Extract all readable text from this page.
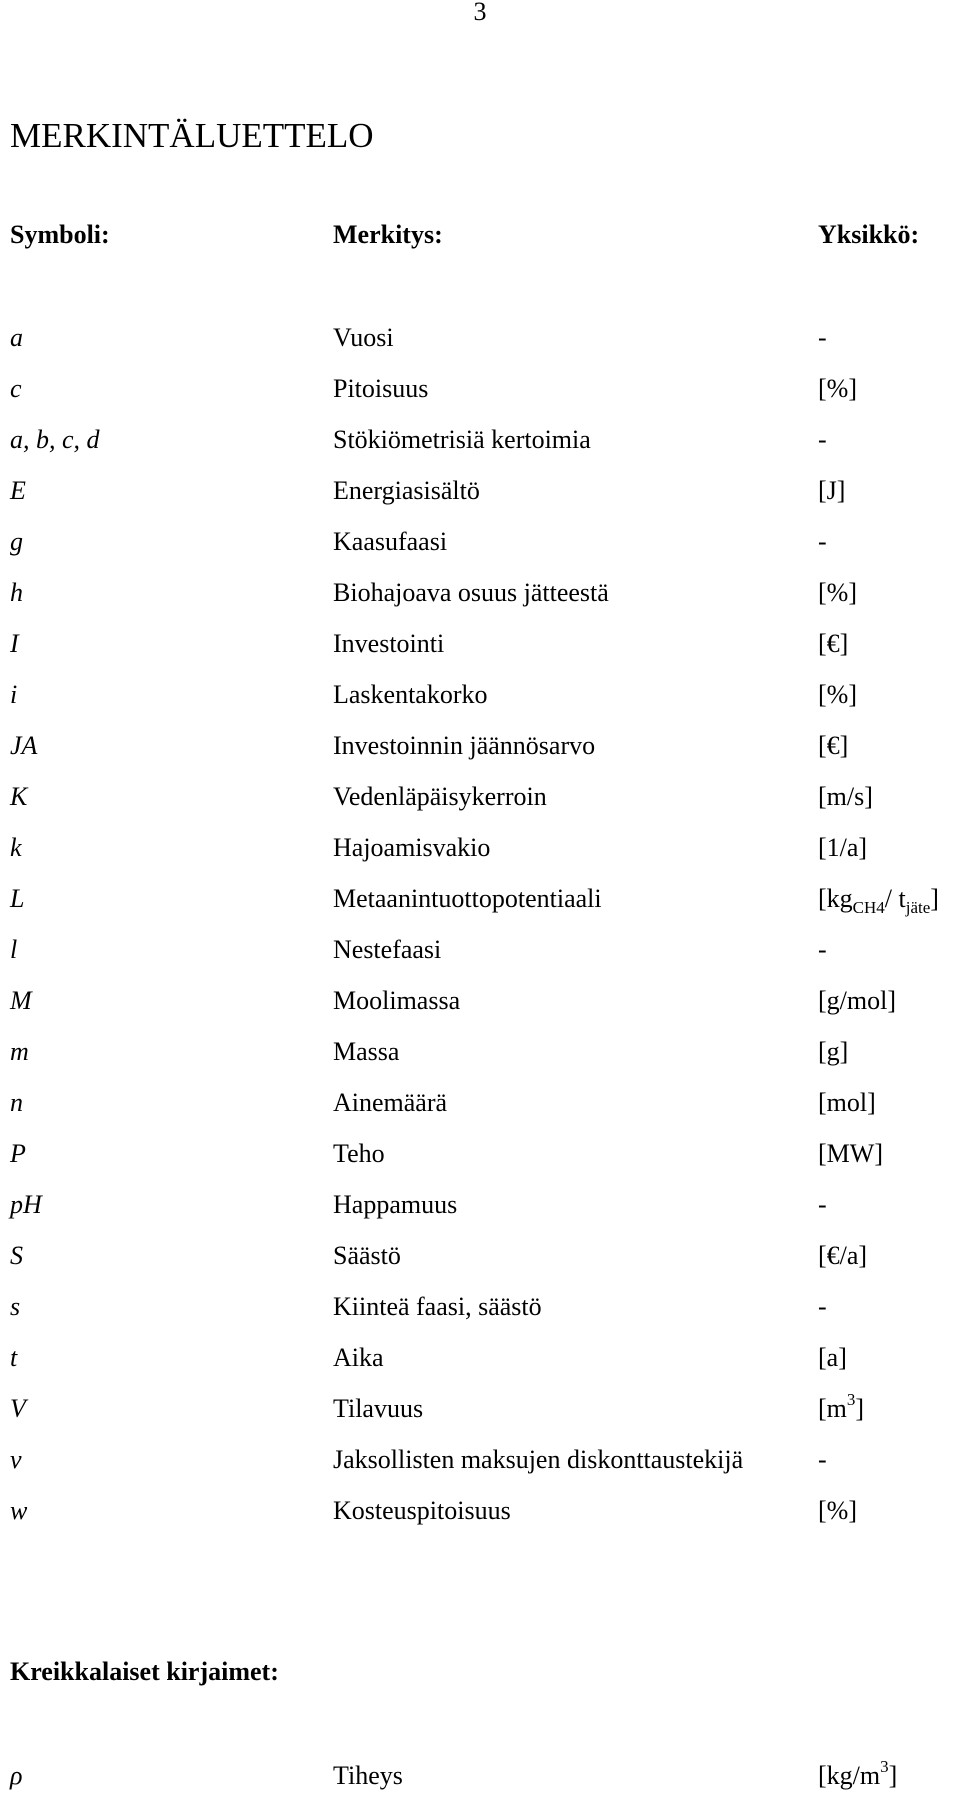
3
MERKINTÄLUETTELO
Symboli:	Merkitys:	Yksikkö:
a	Vuosi	-
c	Pitoisuus	[%]
a, b, c, d	Stökiömetrisiä kertoimia	-
E	Energiasisältö	[J]
g	Kaasufaasi	-
h	Biohajoava osuus jätteestä	[%]
I	Investointi	[€]
i	Laskentakorko	[%]
JA	Investoinnin jäännösarvo	[€]
K	Vedenläpäisykerroin	[m/s]
k	Hajoamisvakio	[1/a]
L	Metaanintuottopotentiaali	[$kg_{CH4}/$ $t_{jäte}$]
l	Nestefaasi	-
M	Moolimassa	[g/mol]
m	Massa	[g]
n	Ainemäärä	[mol]
P	Teho	[MW]
pH	Happamuus	-
S	Säästö	[€/a]
s	Kiinteä faasi, säästö	-
t	Aika	[a]
V	Tilavuus	$[m^3]$
v	Jaksollisten maksujen diskonttaustekijä	-
w	Kosteuspitoisuus	[%]
Kreikkalaiset kirjaimet:
ρ	Tiheys	$[kg/m^3]$
